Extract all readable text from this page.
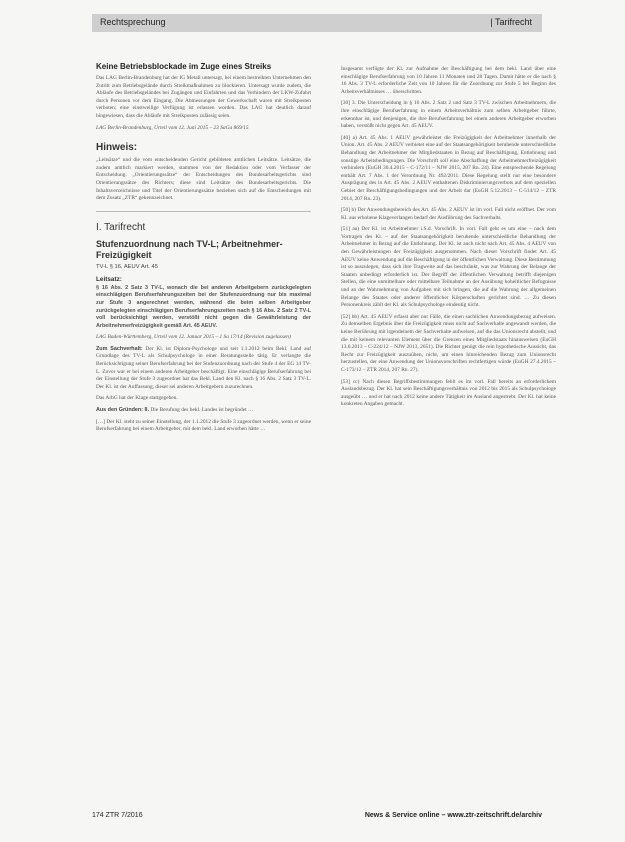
Rechtsprechung	| Tarifrecht
Keine Betriebsblockade im Zuge eines Streiks

Das LAG Berlin-Brandenburg hat der IG Metall untersagt, bei einem bestreikten Unternehmen den Zutritt zum Betriebsgelände durch Streikmaßnahmen zu blockieren. Untersagt wurde zudem, die Abläufe des Betriebsgeländes bei Zugängen und Einfahrten und das Verhindern der LKW-Zufahrt durch Personen vor dem Eingang. Die Abmessungen der Gewerkschaft waren mit Streikposten verboten; eine einstweilige Verfügung ist erlassen worden. Das LAG hat deutlich darauf hingewiesen, dass die Abläufe mit Streikposten zulässig seien.

LAG Berlin-Brandenburg, Urteil vom 12. Juni 2015 – 23 SaGa 869/15

Hinweis:

„Leitsätze“ und die vom entscheidenden Gericht gebildeten amtlichen Leitsätze. Leitsätze, die zudem amtlich markiert werden, stammen von der Redaktion oder vom Verfasser der Entscheidung. „Orientierungssätze“ der Entscheidungen des Bundesarbeitsgerichts sind Orientierungssätze des Richters; diese sind Leitsätze des Bundesarbeitsgerichts. Die Inhaltsverzeichnisse und Titel der Orientierungssätze beziehen sich auf die Entscheidungen mit dem Zusatz „ZTR“ gekennzeichnet.

I. Tarifrecht
Stufenzuordnung nach TV-L; Arbeitnehmer-Freizügigkeit
TV-L § 16, AEUV Art. 45
Leitsatz:

§ 16 Abs. 2 Satz 3 TV-L, wonach die bei anderen Arbeitgebern zurückgelegten einschlägigen Berufserfahrungszeiten bei der Stufenzuordnung nur bis maximal zur Stufe 3 angerechnet werden, während die beim selben Arbeitgeber zurückgelegten einschlägigen Berufserfahrungszeiten nach § 16 Abs. 2 Satz 2 TV-L voll berücksichtigt werden, verstößt nicht gegen die Gewährleistung der Arbeitnehmerfreizügigkeit gemäß Art. 45 AEUV.

LAG Baden-Württemberg, Urteil vom 12. Januar 2015 – 1 Sa 17/14 (Revision zugelassen)

Zum Sachverhalt: Der Kl. ist Diplom-Psychologe und seit 1.1.2012 beim Bekl. Land auf Grundlage des TV-L als Schulpsychologe in einer Beratungsstelle tätig. Er verlangte die Berücksichtigung seiner Berufserfahrung bei der Stufenzuordnung nach der Stufe 4 der EG 14 TV-L. Zuvor war er bei einem anderen Arbeitgeber beschäftigt. Eine einschlägige Berufserfahrung bei der Einstellung der Stufe 3 zugeordnet hat das Bekl. Land den Kl. nach § 16 Abs. 2 Satz 3 TV-L. Der Kl. ist der Auffassung, dieser sei anderen Arbeitgebern zuzurechnen.

Das ArbG hat der Klage stattgegeben.

Aus den Gründen: II. Die Berufung des bekl. Landes ist begründet …

[…] Der Kl. steht zu seiner Einstellung, der 1.1.2012 die Stufe 3 zugeordnet werden, wenn er seine Berufserfahrung bei einem Arbeitgeber, mit dem bekl. Land erworben hätte …

Insgesamt verfügte der Kl. zur Aufnahme der Beschäftigung bei dem bekl. Land über eine einschlägige Berufserfahrung von 10 Jahren 11 Monaten und 28 Tagen. Damit hätte er die nach § 16 Abs. 3 TV-L erforderliche Zeit von 10 Jahren für die Zuordnung zur Stufe 5 bei Beginn des Arbeitsverhältnisses … überschritten.

[30] 3. Die Unterscheidung in § 16 Abs. 2 Satz 2 und Satz 3 TV-L zwischen Arbeitnehmern, die ihre einschlägige Berufserfahrung in einem Arbeitsverhältnis zum selben Arbeitgeber führte, erkennbar ist, und denjenigen, die ihre Berufserfahrung bei einem anderen Arbeitgeber erworben haben, verstößt nicht gegen Art. 45 AEUV.

[40] a) Art. 45 Abs. 1 AEUV gewährleistet die Freizügigkeit der Arbeitnehmer innerhalb der Union. Art. 45 Abs. 2 AEUV verbietet eine auf der Staatsangehörigkeit beruhende unterschiedliche Behandlung der Arbeitnehmer der Mitgliedstaaten in Bezug auf Beschäftigung, Entlohnung und sonstige Arbeitsbedingungen. Die Vorschrift soll eine Abschaffung der Arbeitnehmerfreizügigkeit verhindern (EuGH 30.4.2015 – C-172/11 – NJW 2015, 207 Rn. 24). Eine entsprechende Regelung enthält Art. 7 Abs. 1 der Verordnung Nr. 492/2011. Diese Regelung stellt nur eine besondere Ausprägung des in Art. 45 Abs. 2 AEUV enthaltenen Diskriminierungsverbots auf dem speziellen Gebiet der Beschäftigungsbedingungen und der Arbeit dar (EuGH 5.12.2013 – C-514/12 – ZTR 2014, 207 Rn. 23).

[50] b) Der Anwendungsbereich des Art. 45 Abs. 2 AEUV ist im vorl. Fall nicht eröffnet. Der vom Kl. aus erhobene Klageverlangen bedarf der Ausführung des Sachverhalts.

[51] aa) Der Kl. ist Arbeitnehmer i.S.d. Vorschrift. In vorl. Fall geht es um eine – nach dem Vortragen des Kl. – auf der Staatsangehörigkeit beruhende unterschiedliche Behandlung der Arbeitnehmer in Bezug auf die Entlohnung. Der Kl. ist auch nicht nach Art. 45 Abs. 4 AEUV von den Gewährleistungen der Freizügigkeit ausgenommen. Nach dieser Vorschrift findet Art. 45 AEUV keine Anwendung auf die Beschäftigung in der öffentlichen Verwaltung. Diese Bestimmung ist so auszulegen, dass sich ihre Tragweite auf das beschränkt, was zur Wahrung der Belange der Staaten unbedingt erforderlich ist. Der Begriff der öffentlichen Verwaltung betrifft diejenigen Stellen, die eine unmittelbare oder mittelbare Teilnahme an der Ausübung hoheitlicher Befugnisse und an der Wahrnehmung von Aufgaben mit sich bringen, die auf die Wahrung der allgemeinen Belange des Staates oder anderer öffentlicher Körperschaften gerichtet sind. … Zu diesen Personenkreis zählt der Kl. als Schulpsychologe eindeutig nicht.

[52] bb) Art. 45 AEUV erfasst aber nur Fälle, die einen sachlichen Anwendungsbezug aufweisen. Zu demselben Ergebnis über die Freizügigkeit muss nicht auf Sachverhalte angewandt werden, die keine Berührung mit irgendeinem der Sachverhalte aufweisen, auf die das Unionsrecht abstellt, und die mit keinem relevanten Element über die Grenzen eines Mitgliedstaats hinausweisen (EuGH 13.6.2013 – C-224/12 – NJW 2013, 2651). Die Richter genügt die rein hypothetische Aussicht, das Recht zur Freizügigkeit auszuüben, nicht, um einen hinreichenden Bezug zum Unionsrecht herzustellen, der eine Anwendung der Unionsvorschriften rechtfertigen würde (EuGH 27.4.2015 – C-173/12 – ZTR 2014, 207 Rn. 27).

[53] cc) Nach diesen Begriffsbestimmungen fehlt es im vorl. Fall bereits an erforderlichem Auslandsbezug. Der Kl. hat sein Beschäftigungsverhältnis von 2012 bis 2015 als Schulpsychologe ausgeübt … und er hat nach 2012 keine andere Tätigkeit im Ausland angestrebt. Der Kl. hat keine konkreten Angaben gemacht.

174 ZTR 7/2016	News & Service online – www.ztr-zeitschrift.de/archiv
